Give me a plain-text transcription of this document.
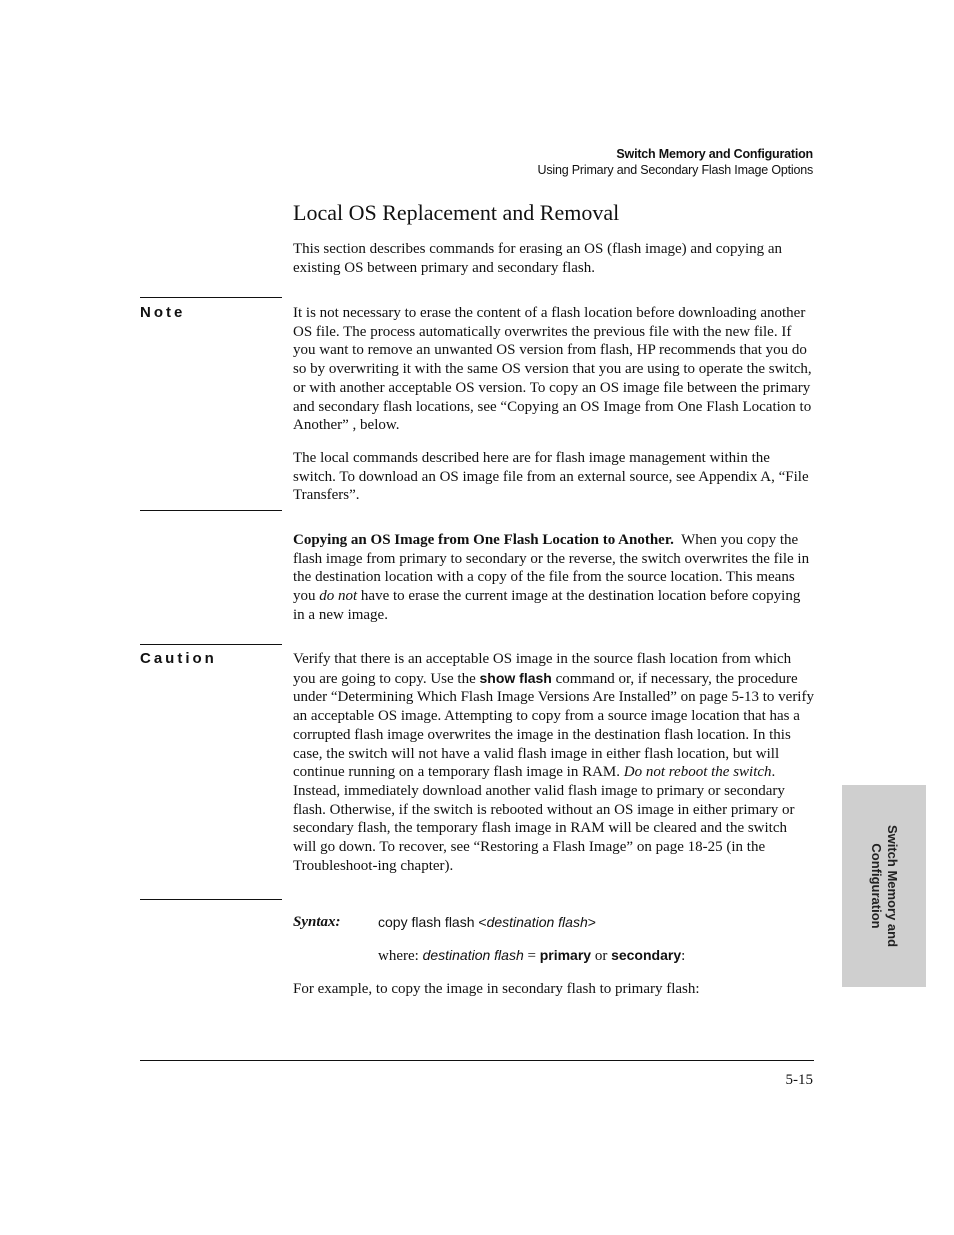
Switch Memory and Configuration
Using Primary and Secondary Flash Image Options
Local OS Replacement and Removal

This section describes commands for erasing an OS (flash image) and copying an existing OS between primary and secondary flash.

Note	It is not necessary to erase the content of a flash location before downloading another OS file. The process automatically overwrites the previous file with the new file. If you want to remove an unwanted OS version from flash, HP recommends that you do so by overwriting it with the same OS version that you are using to operate the switch, or with another acceptable OS version. To copy an OS image file between the primary and secondary flash locations, see “Copying an OS Image from One Flash Location to Another” , below.

The local commands described here are for flash image management within the switch. To download an OS image file from an external source, see Appendix A, “File Transfers”.

Copying an OS Image from One Flash Location to Another. When you copy the flash image from primary to secondary or the reverse, the switch overwrites the file in the destination location with a copy of the file from the source location. This means you do not have to erase the current image at the destination location before copying in a new image.

Caution	Verify that there is an acceptable OS image in the source flash location from which you are going to copy. Use the show flash command or, if necessary, the procedure under “Determining Which Flash Image Versions Are Installed” on page 5-13 to verify an acceptable OS image. Attempting to copy from a source image location that has a corrupted flash image overwrites the image in the destination flash location. In this case, the switch will not have a valid flash image in either flash location, but will continue running on a temporary flash image in RAM. Do not reboot the switch. Instead, immediately download another valid flash image to primary or secondary flash. Otherwise, if the switch is rebooted without an OS image in either primary or secondary flash, the temporary flash image in RAM will be cleared and the switch will go down. To recover, see “Restoring a Flash Image” on page 18-25 (in the Troubleshoot-ing chapter).

Syntax:	copy flash flash <destination flash>
where: destination flash = primary or secondary:

For example, to copy the image in secondary flash to primary flash:

5-15
Switch Memory and
Configuration
